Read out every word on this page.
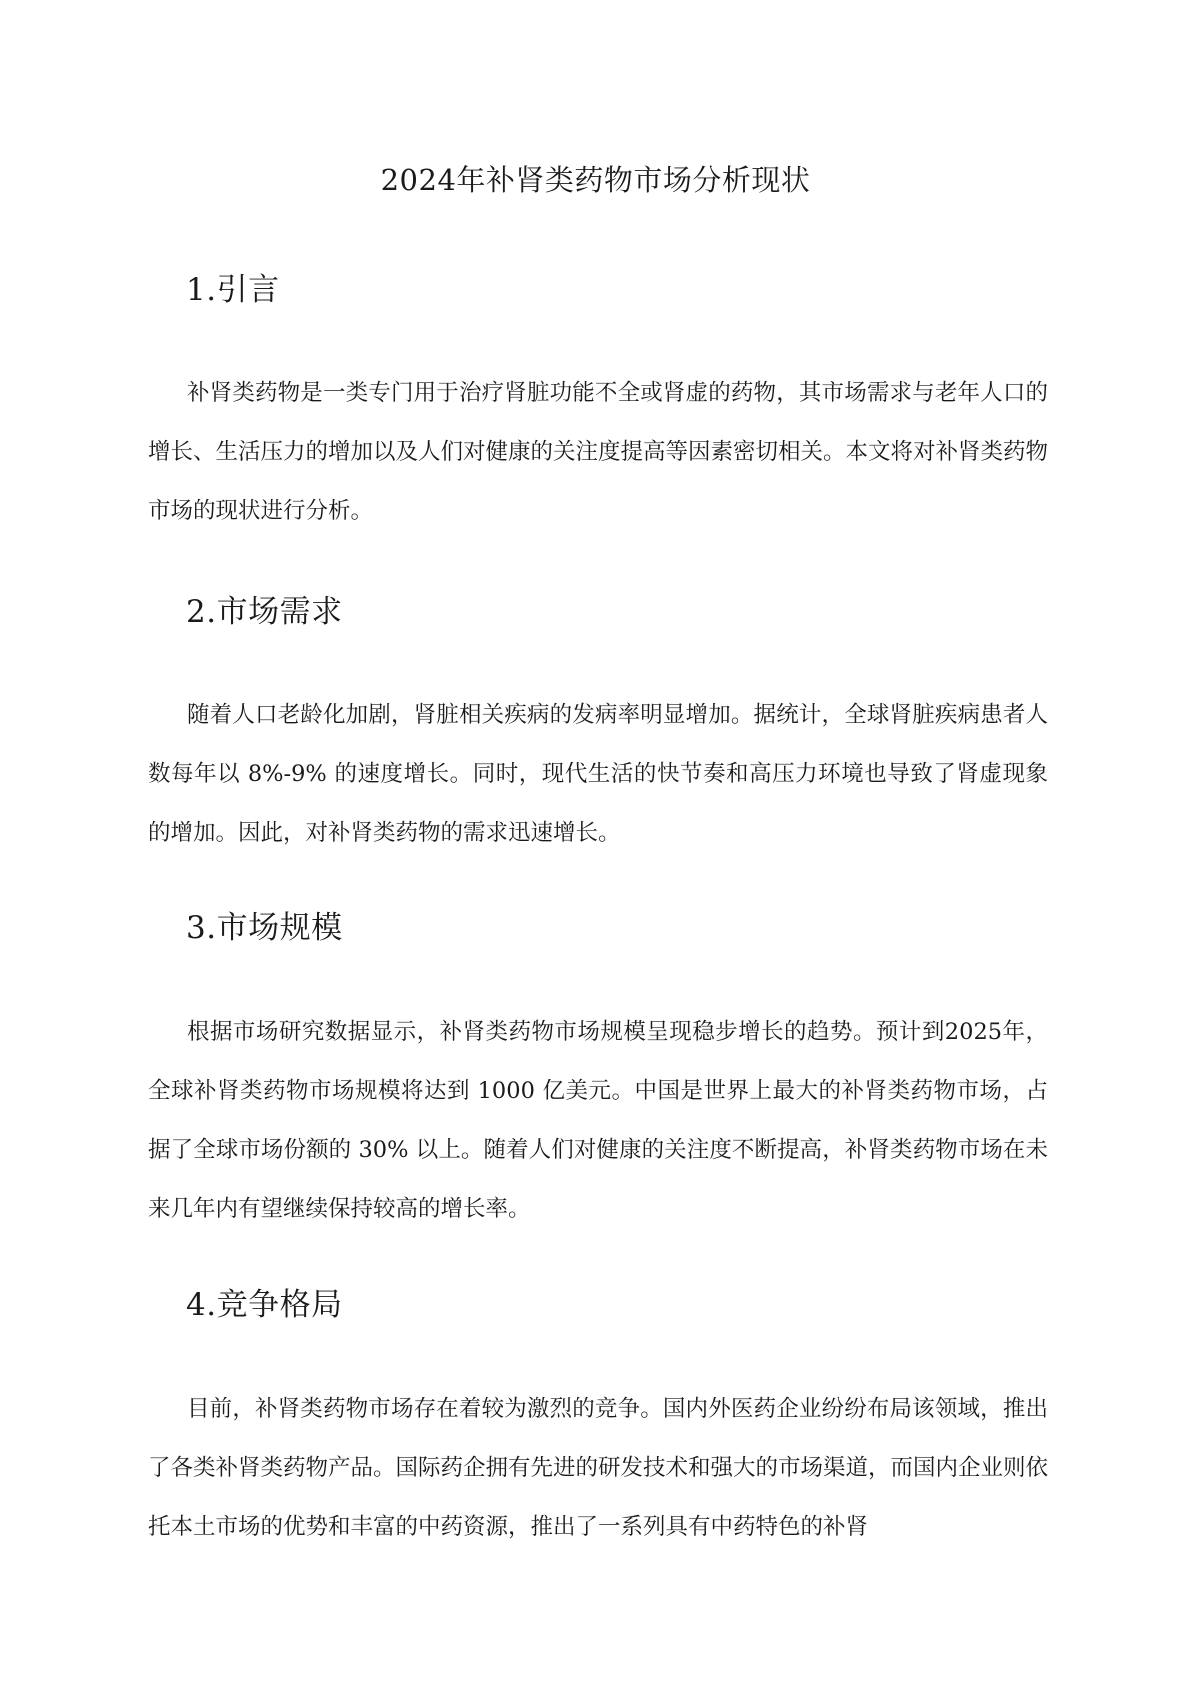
2024年补肾类药物市场分析现状
1.引言

补肾类药物是一类专门用于治疗肾脏功能不全或肾虚的药物，其市场需求与老年人口的增长、生活压力的增加以及人们对健康的关注度提高等因素密切相关。本文将对补肾类药物市场的现状进行分析。

2.市场需求

随着人口老龄化加剧，肾脏相关疾病的发病率明显增加。据统计，全球肾脏疾病患者人数每年以 8%-9% 的速度增长。同时，现代生活的快节奏和高压力环境也导致了肾虚现象的增加。因此，对补肾类药物的需求迅速增长。

3.市场规模

根据市场研究数据显示，补肾类药物市场规模呈现稳步增长的趋势。预计到2025年，全球补肾类药物市场规模将达到 1000 亿美元。中国是世界上最大的补肾类药物市场，占据了全球市场份额的 30% 以上。随着人们对健康的关注度不断提高，补肾类药物市场在未来几年内有望继续保持较高的增长率。

4.竞争格局

目前，补肾类药物市场存在着较为激烈的竞争。国内外医药企业纷纷布局该领域，推出了各类补肾类药物产品。国际药企拥有先进的研发技术和强大的市场渠道，而国内企业则依托本土市场的优势和丰富的中药资源，推出了一系列具有中药特色的补肾
